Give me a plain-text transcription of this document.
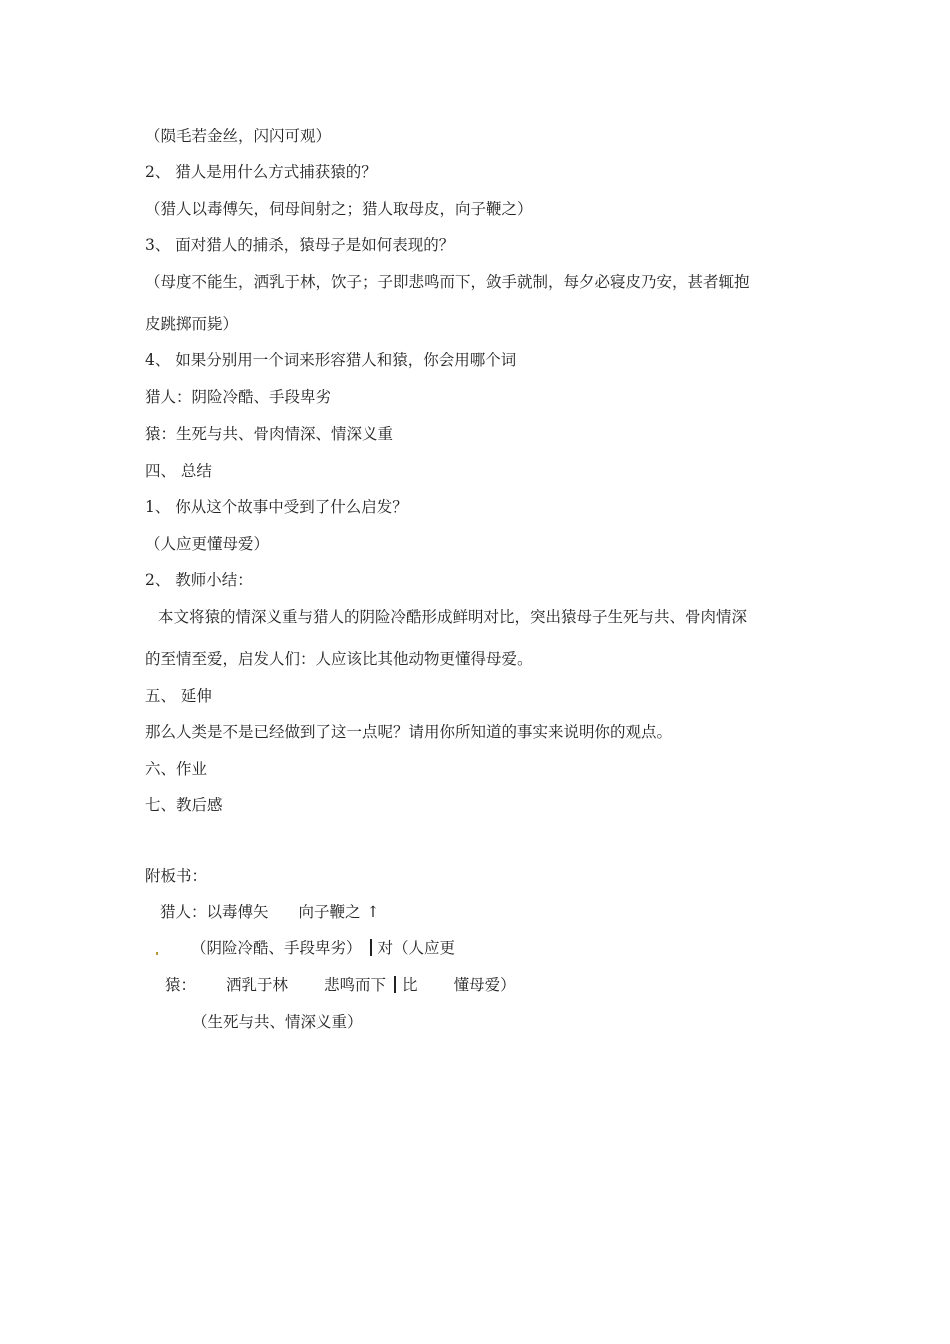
（陨毛若金丝，闪闪可观）
2、 猎人是用什么方式捕获猿的？
（猎人以毒傅矢，伺母间射之；猎人取母皮，向子鞭之）
3、 面对猎人的捕杀，猿母子是如何表现的？
（母度不能生，洒乳于林，饮子；子即悲鸣而下，敛手就制，每夕必寝皮乃安，甚者辄抱
皮跳掷而毙）
4、 如果分别用一个词来形容猎人和猿，你会用哪个词
猎人：阴险冷酷、手段卑劣
猿：生死与共、骨肉情深、情深义重
四、 总结
1、 你从这个故事中受到了什么启发？
（人应更懂母爱）
2、 教师小结：
本文将猿的情深义重与猎人的阴险冷酷形成鲜明对比，突出猿母子生死与共、骨肉情深
的至情至爱，启发人们：人应该比其他动物更懂得母爱。
五、 延伸
那么人类是不是已经做到了这一点呢？请用你所知道的事实来说明你的观点。
六、作业
七、教后感
附板书：
猎人：以毒傅矢 向子鞭之 ↑
（阴险冷酷、手段卑劣） 对（人应更
猿： 洒乳于林 悲鸣而下 比 懂母爱）
（生死与共、情深义重）
